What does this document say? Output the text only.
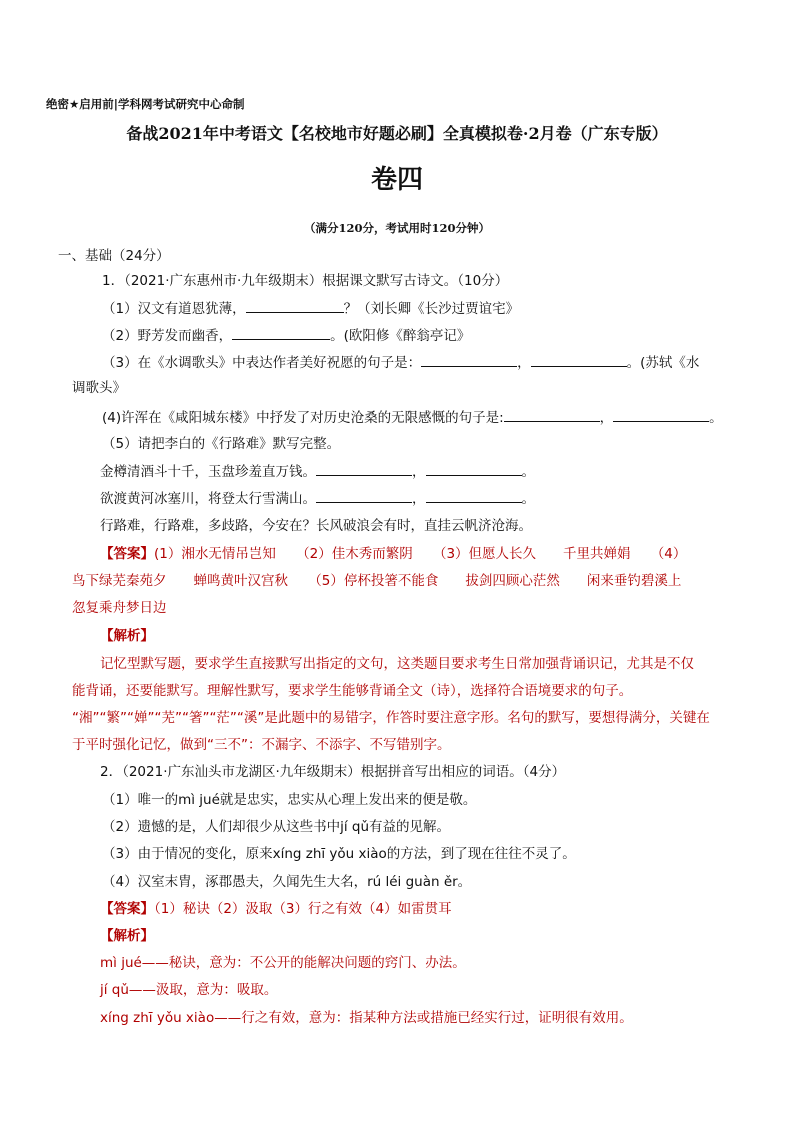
绝密★启用前|学科网考试研究中心命制
备战2021年中考语文【名校地市好题必刷】全真模拟卷·2月卷（广东专版）
卷四
（满分120分，考试用时120分钟）
一、基础（24分）
1．（2021·广东惠州市·九年级期末）根据课文默写古诗文。（10分）
（1）汉文有道恩犹薄，	？（刘长卿《长沙过贾谊宅》
（2）野芳发而幽香，	。(欧阳修《醉翁亭记》
（3）在《水调歌头》中表达作者美好祝愿的句子是：	，	。(苏轼《水
调歌头》
(4)许浑在《咸阳城东楼》中抒发了对历史沧桑的无限感慨的句子是:	，	。
（5）请把李白的《行路难》默写完整。
金樽清酒斗十千，玉盘珍羞直万钱。	，	。
欲渡黄河冰塞川，将登太行雪满山。	，	。
行路难，行路难，多歧路，今安在？长风破浪会有时，直挂云帆济沧海。
【答案】(1）湘水无情吊岂知　　（2）佳木秀而繁阴　　（3）但愿人长久　　千里共婵娟　　（4）
鸟下绿芜秦苑夕　　蝉鸣黄叶汉宫秋　　（5）停杯投箸不能食　　拔剑四顾心茫然　　闲来垂钓碧溪上
忽复乘舟梦日边
【解析】
记忆型默写题，要求学生直接默写出指定的文句，这类题目要求考生日常加强背诵识记，尤其是不仅
能背诵，还要能默写。理解性默写，要求学生能够背诵全文（诗），选择符合语境要求的句子。
“湘”“繁”“婵”“芜”“箸”“茫”“溪”是此题中的易错字，作答时要注意字形。名句的默写，要想得满分，关键在
于平时强化记忆，做到“三不”：不漏字、不添字、不写错别字。
2．（2021·广东汕头市龙湖区·九年级期末）根据拼音写出相应的词语。（4分）
（1）唯一的mì jué就是忠实，忠实从心理上发出来的便是敬。
（2）遗憾的是，人们却很少从这些书中jí qǔ有益的见解。
（3）由于情况的变化，原来xíng zhī yǒu xiào的方法，到了现在往往不灵了。
（4）汉室末胄，涿郡愚夫，久闻先生大名，rú léi guàn ěr。
【答案】（1）秘诀（2）汲取（3）行之有效（4）如雷贯耳
【解析】
mì jué——秘诀，意为：不公开的能解决问题的窍门、办法。
jí qǔ——汲取，意为：吸取。
xíng zhī yǒu xiào——行之有效，意为：指某种方法或措施已经实行过，证明很有效用。
